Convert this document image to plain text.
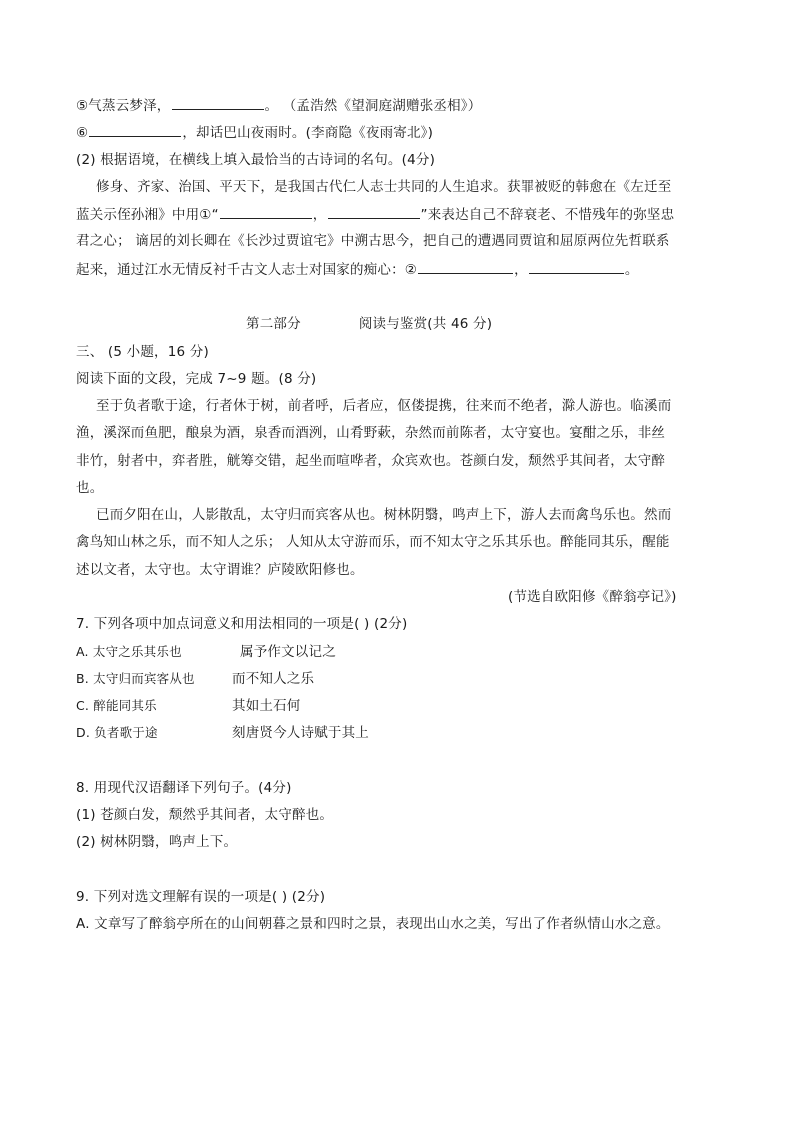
⑤气蒸云梦泽，	。 （孟浩然《望洞庭湖赠张丞相》）
⑥	，却话巴山夜雨时。(李商隐《夜雨寄北》)
(2) 根据语境，在横线上填入最恰当的古诗词的名句。(4分)
修身、齐家、治国、平天下，是我国古代仁人志士共同的人生追求。获罪被贬的韩愈在《左迁至
蓝关示侄孙湘》中用①“	，	”来表达自己不辞衰老、不惜残年的弥坚忠
君之心； 谪居的刘长卿在《长沙过贾谊宅》中溯古思今，把自己的遭遇同贾谊和屈原两位先哲联系
起来，通过江水无情反衬千古文人志士对国家的痴心：②	，	。
第二部分	阅读与鉴赏(共 46 分)
三、 (5 小题，16 分)
阅读下面的文段，完成 7~9 题。(8 分)
至于负者歌于途，行者休于树，前者呼，后者应，伛偻提携，往来而不绝者，滁人游也。临溪而
渔，溪深而鱼肥，酿泉为酒，泉香而酒洌，山肴野蔌，杂然而前陈者，太守宴也。宴酣之乐，非丝
非竹，射者中，弈者胜，觥筹交错，起坐而喧哗者，众宾欢也。苍颜白发，颓然乎其间者，太守醉
也。
已而夕阳在山，人影散乱，太守归而宾客从也。树林阴翳，鸣声上下，游人去而禽鸟乐也。然而
禽鸟知山林之乐，而不知人之乐； 人知从太守游而乐，而不知太守之乐其乐也。醉能同其乐，醒能
述以文者，太守也。太守谓谁？庐陵欧阳修也。
(节选自欧阳修《醉翁亭记》)
7. 下列各项中加点词意义和用法相同的一项是( ) (2分)
A. 太守之乐其乐也	属予作文以记之
B. 太守归而宾客从也	而不知人之乐
C. 醉能同其乐	其如土石何
D. 负者歌于途	刻唐贤今人诗赋于其上
8. 用现代汉语翻译下列句子。(4分)
(1) 苍颜白发，颓然乎其间者，太守醉也。
(2) 树林阴翳，鸣声上下。
9. 下列对选文理解有误的一项是( ) (2分)
A. 文章写了醉翁亭所在的山间朝暮之景和四时之景，表现出山水之美，写出了作者纵情山水之意。
